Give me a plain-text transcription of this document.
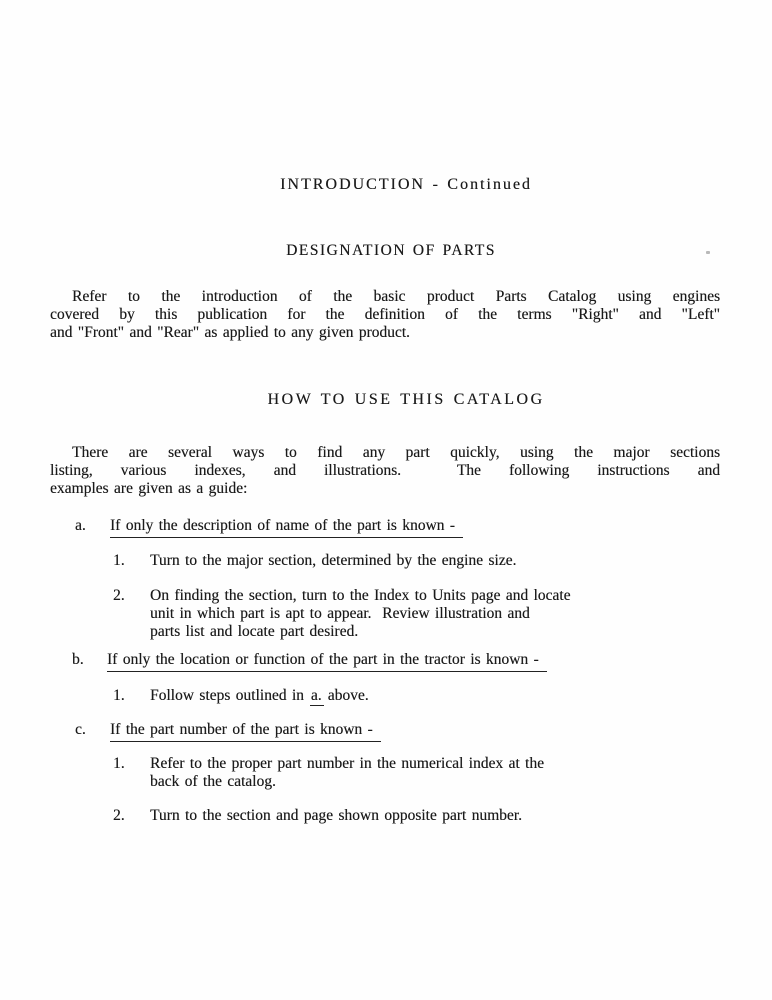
INTRODUCTION - Continued
DESIGNATION OF PARTS
Refer to the introduction of the basic product Parts Catalog using engines
covered by this publication for the definition of the terms "Right" and "Left"
and "Front" and "Rear" as applied to any given product.
HOW TO USE THIS CATALOG
There are several ways to find any part quickly, using the major sections
listing, various indexes, and illustrations.  The following instructions and
examples are given as a guide:
a.	If only the description of name of the part is known -
1.	Turn to the major section, determined by the engine size.
2.	On finding the section, turn to the Index to Units page and locate
unit in which part is apt to appear.  Review illustration and
parts list and locate part desired.
b.	If only the location or function of the part in the tractor is known -
1.	Follow steps outlined in a. above.
c.	If the part number of the part is known -
1.	Refer to the proper part number in the numerical index at the
back of the catalog.
2.	Turn to the section and page shown opposite part number.
